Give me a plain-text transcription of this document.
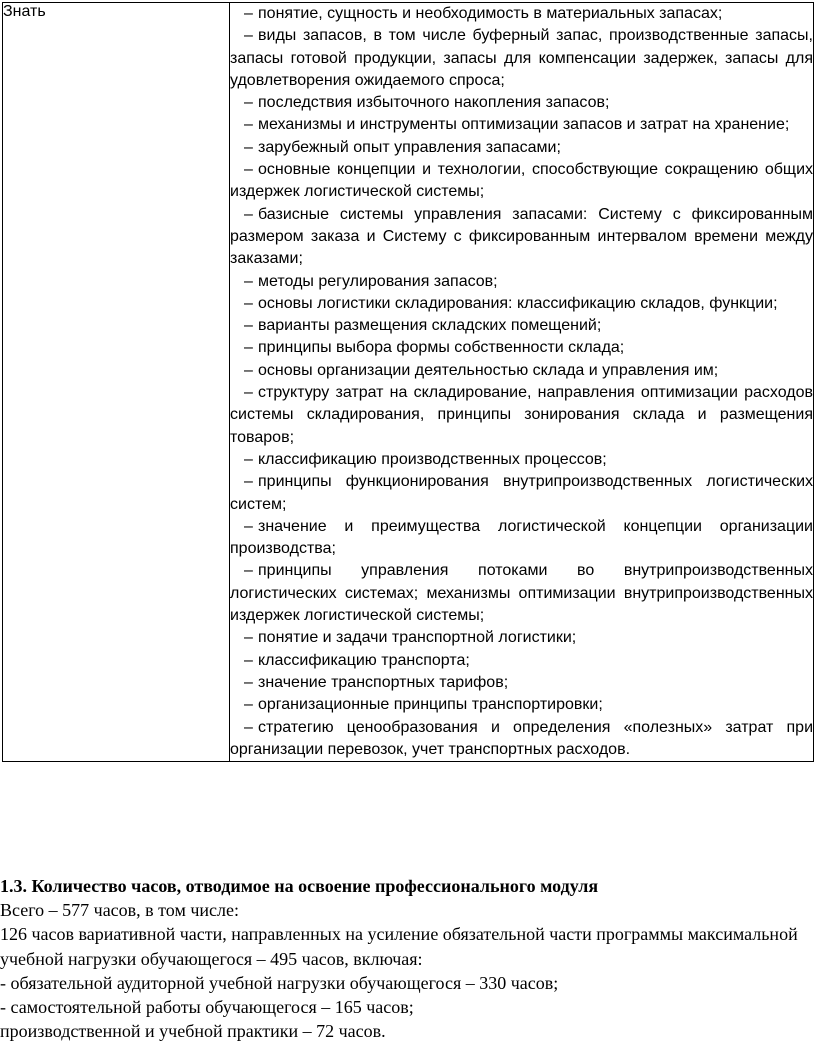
Знать	– понятие, сущность и необходимость в материальных запасах;

– виды запасов, в том числе буферный запас, производственные запасы, запасы готовой продукции, запасы для компенсации задержек, запасы для удовлетворения ожидаемого спроса;

– последствия избыточного накопления запасов;

– механизмы и инструменты оптимизации запасов и затрат на хранение;

– зарубежный опыт управления запасами;

– основные концепции и технологии, способствующие сокращению общих издержек логистической системы;

– базисные системы управления запасами: Систему с фиксированным размером заказа и Систему с фиксированным интервалом времени между заказами;

– методы регулирования запасов;

– основы логистики складирования: классификацию складов, функции;

– варианты размещения складских помещений;

– принципы выбора формы собственности склада;

– основы организации деятельностью склада и управления им;

– структуру затрат на складирование, направления оптимизации расходов системы складирования, принципы зонирования склада и размещения товаров;

– классификацию производственных процессов;

– принципы функционирования внутрипроизводственных логистических систем;

– значение и преимущества логистической концепции организации производства;

– принципы управления потоками во внутрипроизводственных логистических системах; механизмы оптимизации внутрипроизводственных издержек логистической системы;

– понятие и задачи транспортной логистики;

– классификацию транспорта;

– значение транспортных тарифов;

– организационные принципы транспортировки;

– стратегию ценообразования и определения «полезных» затрат при организации перевозок, учет транспортных расходов.

1.3. Количество часов, отводимое на освоение профессионального модуля

Всего – 577 часов, в том числе:

126 часов вариативной части, направленных на усиление обязательной части программы максимальной учебной нагрузки обучающегося – 495 часов, включая:

- обязательной аудиторной учебной нагрузки обучающегося – 330 часов;

- самостоятельной работы обучающегося – 165 часов;

производственной и учебной практики – 72 часов.
